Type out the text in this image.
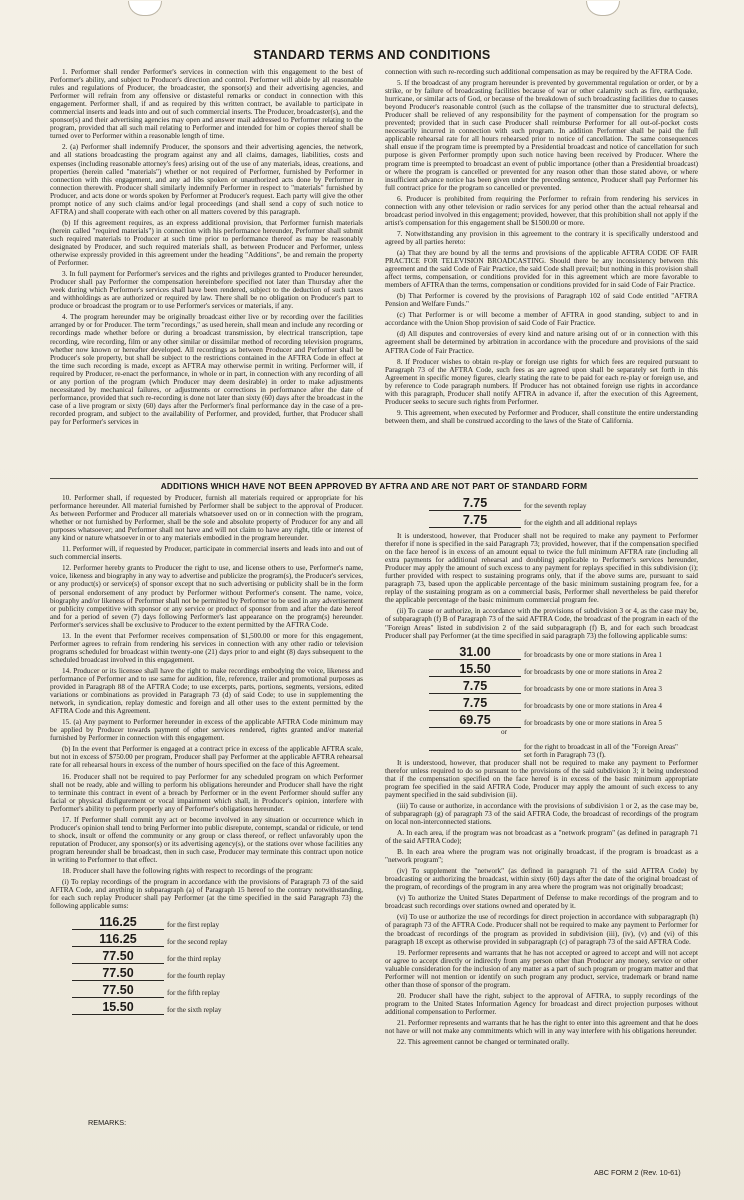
STANDARD TERMS AND CONDITIONS

1. Performer shall render Performer's services in connection with this engagement to the best of Performer's ability, and subject to Producer's direction and control. Performer will abide by all reasonable rules and regulations of Producer, the broadcaster, the sponsor(s) and their advertising agencies, and Performer will refrain from any offensive or distasteful remarks or conduct in connection with this engagement. Performer shall, if and as required by this written contract, be available to participate in commercial inserts and leads into and out of such commercial inserts. The Producer, broadcaster(s), and the sponsor(s) and their advertising agencies may open and answer mail addressed to Performer relating to the program, provided that all such mail relating to Performer and intended for him or copies thereof shall be turned over to Performer within a reasonable length of time.

2. (a) Performer shall indemnify Producer, the sponsors and their advertising agencies, the network, and all stations broadcasting the program against any and all claims, damages, liabilities, costs and expenses (including reasonable attorney's fees) arising out of the use of any materials, ideas, creations, and properties (herein called "materials") whether or not required of Performer, furnished by Performer in connection with this engagement, and any ad libs spoken or unauthorized acts done by Performer in connection therewith. Producer shall similarly indemnify Performer in respect to "materials" furnished by Producer, and acts done or words spoken by Performer at Producer's request. Each party will give the other prompt notice of any such claims and/or legal proceedings (and shall send a copy of such notice to AFTRA) and shall cooperate with each other on all matters covered by this paragraph.

(b) If this agreement requires, as an express additional provision, that Performer furnish materials (herein called "required materials") in connection with his performance hereunder, Performer shall submit such required materials to Producer at such time prior to performance thereof as may be reasonably designated by Producer, and such required materials shall, as between Producer and Performer, unless otherwise expressly provided in this agreement under the heading "Additions", be and remain the property of Performer.

3. In full payment for Performer's services and the rights and privileges granted to Producer hereunder, Producer shall pay Performer the compensation hereinbefore specified not later than Thursday after the week during which Performer's services shall have been rendered, subject to the deduction of such taxes and withholdings as are authorized or required by law. There shall be no obligation on Producer's part to produce or broadcast the program or to use Performer's services or materials, if any.

4. The program hereunder may be originally broadcast either live or by recording over the facilities arranged by or for Producer. The term "recordings," as used herein, shall mean and include any recording or recordings made whether before or during a broadcast transmission, by electrical transcription, tape recording, wire recording, film or any other similar or dissimilar method of recording television programs, whether now known or hereafter developed. All recordings as between Producer and Performer shall be Producer's sole property, but shall be subject to the restrictions contained in the AFTRA Code in effect at the time such recording is made, except as AFTRA may otherwise permit in writing. Performer will, if required by Producer, re-enact the performance, in whole or in part, in connection with any recording of all or any portion of the program (which Producer may deem desirable) in order to make adjustments necessitated by mechanical failures, or adjustments or corrections in performance after the date of performance, provided that such re-recording is done not later than sixty (60) days after the broadcast in the case of a live program or sixty (60) days after the Performer's final performance day in the case of a pre-recorded program, and subject to the availability of Performer, and provided, further, that Producer shall pay for Performer's services in

connection with such re-recording such additional compensation as may be required by the AFTRA Code.

5. If the broadcast of any program hereunder is prevented by governmental regulation or order, or by a strike, or by failure of broadcasting facilities because of war or other calamity such as fire, earthquake, hurricane, or similar acts of God, or because of the breakdown of such broadcasting facilities due to causes beyond Producer's reasonable control (such as the collapse of the transmitter due to structural defects), Producer shall be relieved of any responsibility for the payment of compensation for the program so prevented; provided that in such case Producer shall reimburse Performer for all out-of-pocket costs necessarily incurred in connection with such program. In addition Performer shall be paid the full applicable rehearsal rate for all hours rehearsed prior to notice of cancellation. The same consequences shall ensue if the program time is preempted by a Presidential broadcast and notice of cancellation for such purpose is given Performer promptly upon such notice having been received by Producer. Where the program time is preempted to broadcast an event of public importance (other than a Presidential broadcast) or where the program is cancelled or prevented for any reason other than those stated above, or where insufficient advance notice has been given under the preceding sentence, Producer shall pay Performer his full contract price for the program so cancelled or prevented.

6. Producer is prohibited from requiring the Performer to refrain from rendering his services in connection with any other television or radio services for any period other than the actual rehearsal and broadcast period involved in this engagement; provided, however, that this prohibition shall not apply if the artist's compensation for this engagement shall be $1500.00 or more.

7. Notwithstanding any provision in this agreement to the contrary it is specifically understood and agreed by all parties hereto:

(a) That they are bound by all the terms and provisions of the applicable AFTRA CODE OF FAIR PRACTICE FOR TELEVISION BROADCASTING. Should there be any inconsistency between this agreement and the said Code of Fair Practice, the said Code shall prevail; but nothing in this provision shall affect terms, compensation, or conditions provided for in this agreement which are more favorable to members of AFTRA than the terms, compensation or conditions provided for in said Code of Fair Practice.

(b) That Performer is covered by the provisions of Paragraph 102 of said Code entitled "AFTRA Pension and Welfare Funds."

(c) That Performer is or will become a member of AFTRA in good standing, subject to and in accordance with the Union Shop provision of said Code of Fair Practice.

(d) All disputes and controversies of every kind and nature arising out of or in connection with this agreement shall be determined by arbitration in accordance with the procedure and provisions of the said AFTRA Code of Fair Practice.

8. If Producer wishes to obtain re-play or foreign use rights for which fees are required pursuant to Paragraph 73 of the AFTRA Code, such fees as are agreed upon shall be separately set forth in this Agreement in specific money figures, clearly stating the rate to be paid for each re-play or foreign use, and by reference to Code paragraph numbers. If Producer has not obtained foreign use rights in accordance with this paragraph, Producer shall notify AFTRA in advance if, after the execution of this Agreement, Producer seeks to secure such rights from Performer.

9. This agreement, when executed by Performer and Producer, shall constitute the entire understanding between them, and shall be construed according to the laws of the State of California.

ADDITIONS WHICH HAVE NOT BEEN APPROVED BY AFTRA AND ARE NOT PART OF STANDARD FORM

10. Performer shall, if requested by Producer, furnish all materials required or appropriate for his performance hereunder. All material furnished by Performer shall be subject to the approval of Producer. As between Performer and Producer all materials whatsoever used on or in connection with the program, whether or not furnished by Performer, shall be the sole and absolute property of Producer for any and all purposes whatsoever; and Performer shall not have and will not claim to have any right, title or interest of any kind or nature whatsoever in or to any materials embodied in the program hereunder.

11. Performer will, if requested by Producer, participate in commercial inserts and leads into and out of such commercial inserts.

12. Performer hereby grants to Producer the right to use, and license others to use, Performer's name, voice, likeness and biography in any way to advertise and publicize the program(s), the Producer's services, or any product(s) or service(s) of sponsor except that no such advertising or publicity shall be in the form of personal endorsement of any product by Performer without Performer's consent. The name, voice, biography and/or likeness of Performer shall not be permitted by Performer to be used in any advertisement or publicity competitive with sponsor or any service or product of sponsor from and after the date hereof and for a period of seven (7) days following Performer's last appearance on the program(s) hereunder. Performer's services shall be exclusive to Producer to the extent permitted by the AFTRA Code.

13. In the event that Performer receives compensation of $1,500.00 or more for this engagement, Performer agrees to refrain from rendering his services in connection with any other radio or television programs scheduled for broadcast within twenty-one (21) days prior to and eight (8) days subsequent to the scheduled broadcast involved in this engagement.

14. Producer or its licensee shall have the right to make recordings embodying the voice, likeness and performance of Performer and to use same for audition, file, reference, trailer and promotional purposes as provided in Paragraph 88 of the AFTRA Code; to use excerpts, parts, portions, segments, versions, edited variations or combinations as provided in Paragraph 73 (d) of said Code; to use in supplementing the network, in syndication, replay domestic and foreign and all other uses to the extent permitted by the AFTRA Code and this Agreement.

15. (a) Any payment to Performer hereunder in excess of the applicable AFTRA Code minimum may be applied by Producer towards payment of other services rendered, rights granted and/or material furnished by Performer in connection with this engagement.

(b) In the event that Performer is engaged at a contract price in excess of the applicable AFTRA scale, but not in excess of $750.00 per program, Producer shall pay Performer at the applicable AFTRA rehearsal rate for all rehearsal hours in excess of the number of hours specified on the face of this Agreement.

16. Producer shall not be required to pay Performer for any scheduled program on which Performer shall not be ready, able and willing to perform his obligations hereunder and Producer shall have the right to terminate this contract in event of a breach by Performer or in the event Performer should suffer any facial or physical disfigurement or vocal impairment which shall, in Producer's opinion, interfere with Performer's ability to perform properly any of Performer's obligations hereunder.

17. If Performer shall commit any act or become involved in any situation or occurrence which in Producer's opinion shall tend to bring Performer into public disrepute, contempt, scandal or ridicule, or tend to shock, insult or offend the community or any group or class thereof, or reflect unfavorably upon the reputation of Producer, any sponsor(s) or its advertising agency(s), or the stations over whose facilities any program hereunder shall be broadcast, then in such case, Producer may terminate this contract upon notice in writing to Performer to that effect.

18. Producer shall have the following rights with respect to recordings of the program:

(i) To replay recordings of the program in accordance with the provisions of Paragraph 73 of the said AFTRA Code, and anything in subparagraph (a) of Paragraph 15 hereof to the contrary notwithstanding, for each such replay Producer shall pay Performer (at the time specified in the said Paragraph 73) the following applicable sums:

116.25	for the first replay
116.25	for the second replay
77.50	for the third replay
77.50	for the fourth replay
77.50	for the fifth replay
15.50	for the sixth replay
7.75	for the seventh replay
7.75	for the eighth and all additional replays

It is understood, however, that Producer shall not be required to make any payment to Performer therefor if none is specified in the said Paragraph 73; provided, however, that if the compensation specified on the face hereof is in excess of an amount equal to twice the full minimum AFTRA rate (including all extra payments for additional rehearsal and doubling) applicable to Performer's services hereunder, Producer may apply the amount of such excess to any payment for replays specified in this subdivision (i); further provided with respect to sustaining programs only, that if the above sums are, pursuant to said paragraph 73, based upon the applicable percentage of the basic minimum sustaining program fee, for a replay of the sustaining program as on a commercial basis, Performer shall nevertheless be paid therefor the applicable percentage of the basic minimum commercial program fee.

(ii) To cause or authorize, in accordance with the provisions of subdivision 3 or 4, as the case may be, of subparagraph (f) B of Paragraph 73 of the said AFTRA Code, the broadcast of the program in each of the "Foreign Areas" listed in subdivision 2 of the said subparagraph (f) B, and for each such broadcast Producer shall pay Performer (at the time specified in said paragraph 73) the following applicable sums:

31.00	for broadcasts by one or more stations in Area 1
15.50	for broadcasts by one or more stations in Area 2
7.75	for broadcasts by one or more stations in Area 3
7.75	for broadcasts by one or more stations in Area 4
69.75	for broadcasts by one or more stations in Area 5
or
for the right to broadcast in all of the "Foreign Areas" set forth in Paragraph 73 (f).

It is understood, however, that producer shall not be required to make any payment to Performer therefor unless required to do so pursuant to the provisions of the said subdivision 3; it being understood that if the compensation specified on the face hereof is in excess of the basic minimum appropriate program fee specified in the said AFTRA Code, Producer may apply the amount of such excess to any payment specified in the said subdivision (ii).

(iii) To cause or authorize, in accordance with the provisions of subdivision 1 or 2, as the case may be, of subparagraph (g) of paragraph 73 of the said AFTRA Code, the broadcast of recordings of the program on local non-interconnected stations.

A. In each area, if the program was not broadcast as a "network program" (as defined in paragraph 71 of the said AFTRA Code);

B. In each area where the program was not originally broadcast, if the program is broadcast as a "network program";

(iv) To supplement the "network" (as defined in paragraph 71 of the said AFTRA Code) by broadcasting or authorizing the broadcast, within sixty (60) days after the date of the original broadcast of the program, of recordings of the program in any area where the program was not originally broadcast;

(v) To authorize the United States Department of Defense to make recordings of the program and to broadcast such recordings over stations owned and operated by it.

(vi) To use or authorize the use of recordings for direct projection in accordance with subparagraph (h) of paragraph 73 of the AFTRA Code. Producer shall not be required to make any payment to Performer for the broadcast of recordings of the program as provided in subdivision (iii), (iv), (v) and (vi) of this paragraph 18 except as otherwise provided in subparagraph (c) of paragraph 73 of the said AFTRA Code.

19. Performer represents and warrants that he has not accepted or agreed to accept and will not accept or agree to accept directly or indirectly from any person other than Producer any money, service or other valuable consideration for the inclusion of any matter as a part of such program or program matter and that Performer will not mention or identify on such program any product, service, trademark or brand name other than those of sponsor of the program.

20. Producer shall have the right, subject to the approval of AFTRA, to supply recordings of the program to the United States Information Agency for broadcast and direct projection purposes without additional compensation to Performer.

21. Performer represents and warrants that he has the right to enter into this agreement and that he does not have or will not make any commitments which will in any way interfere with his obligations hereunder.

22. This agreement cannot be changed or terminated orally.

REMARKS:
ABC FORM 2 (Rev. 10-61)
